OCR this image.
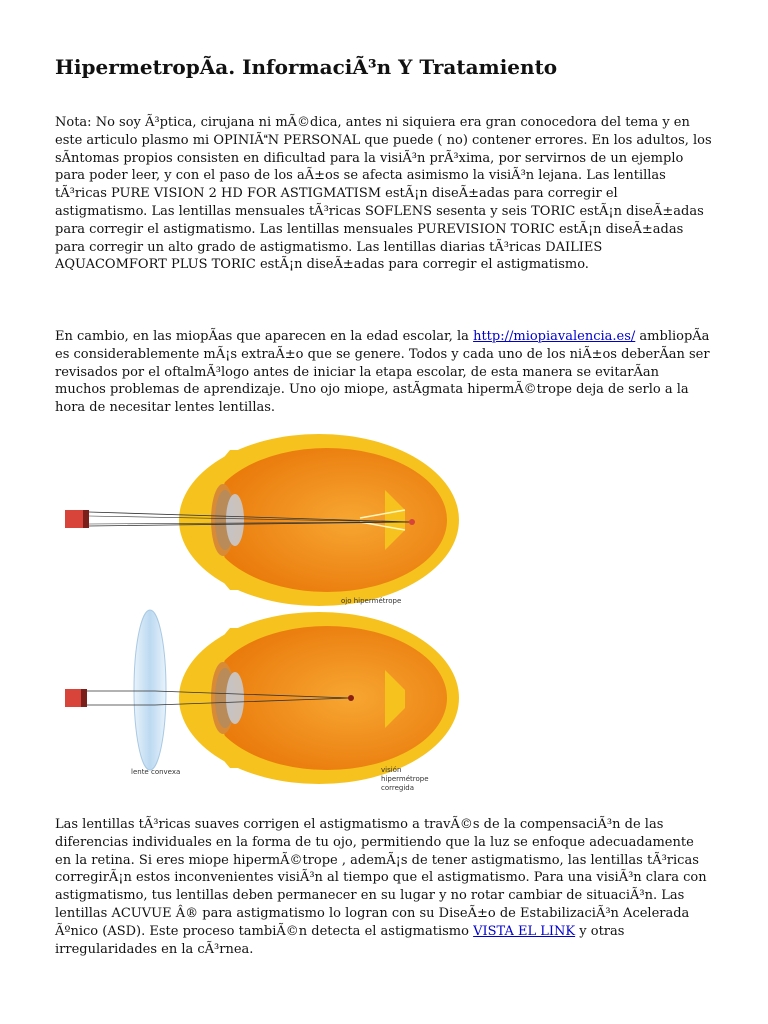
HipermetropÃa. InformaciÃ³n Y Tratamiento

Nota: No soy Ã³ptica, cirujana ni mÃ©dica, antes ni siquiera era gran conocedora del tema y en este articulo plasmo mi OPINIÃN PERSONAL que puede ( no) contener errores. En los adultos, los sÃntomas propios consisten en dificultad para la visiÃ³n prÃ³xima, por servirnos de un ejemplo para poder leer, y con el paso de los aÃ±os se afecta asimismo la visiÃ³n lejana. Las lentillas tÃ³ricas PURE VISION 2 HD FOR ASTIGMATISM estÃ¡n diseÃ±adas para corregir el astigmatismo. Las lentillas mensuales tÃ³ricas SOFLENS sesenta y seis TORIC estÃ¡n diseÃ±adas para corregir el astigmatismo. Las lentillas mensuales PUREVISION TORIC estÃ¡n diseÃ±adas para corregir un alto grado de astigmatismo. Las lentillas diarias tÃ³ricas DAILIES AQUACOMFORT PLUS TORIC estÃ¡n diseÃ±adas para corregir el astigmatismo.

En cambio, en las miopÃas que aparecen en la edad escolar, la http://miopiavalencia.es/ ambliopÃa es considerablemente mÃ¡s extraÃ±o que se genere. Todos y cada uno de los niÃ±os deberÃan ser revisados por el oftalmÃ³logo antes de iniciar la etapa escolar, de esta manera se evitarÃan muchos problemas de aprendizaje. Uno ojo miope, astÃgmata hipermÃ©trope deja de serlo a la hora de necesitar lentes lentillas.

ojo hipermétrope
lente convexa	visión
hipermétrope
corregida

Las lentillas tÃ³ricas suaves corrigen el astigmatismo a travÃ©s de la compensaciÃ³n de las diferencias individuales en la forma de tu ojo, permitiendo que la luz se enfoque adecuadamente en la retina. Si eres miope hipermÃ©trope , ademÃ¡s de tener astigmatismo, las lentillas tÃ³ricas corregirÃ¡n estos inconvenientes visiÃ³n al tiempo que el astigmatismo. Para una visiÃ³n clara con astigmatismo, tus lentillas deben permanecer en su lugar y no rotar cambiar de situaciÃ³n. Las lentillas ACUVUE Â® para astigmatismo lo logran con su DiseÃ±o de EstabilizaciÃ³n Acelerada Ãºnico (ASD). Este proceso tambiÃ©n detecta el astigmatismo VISTA EL LINK y otras irregularidades en la cÃ³rnea.
